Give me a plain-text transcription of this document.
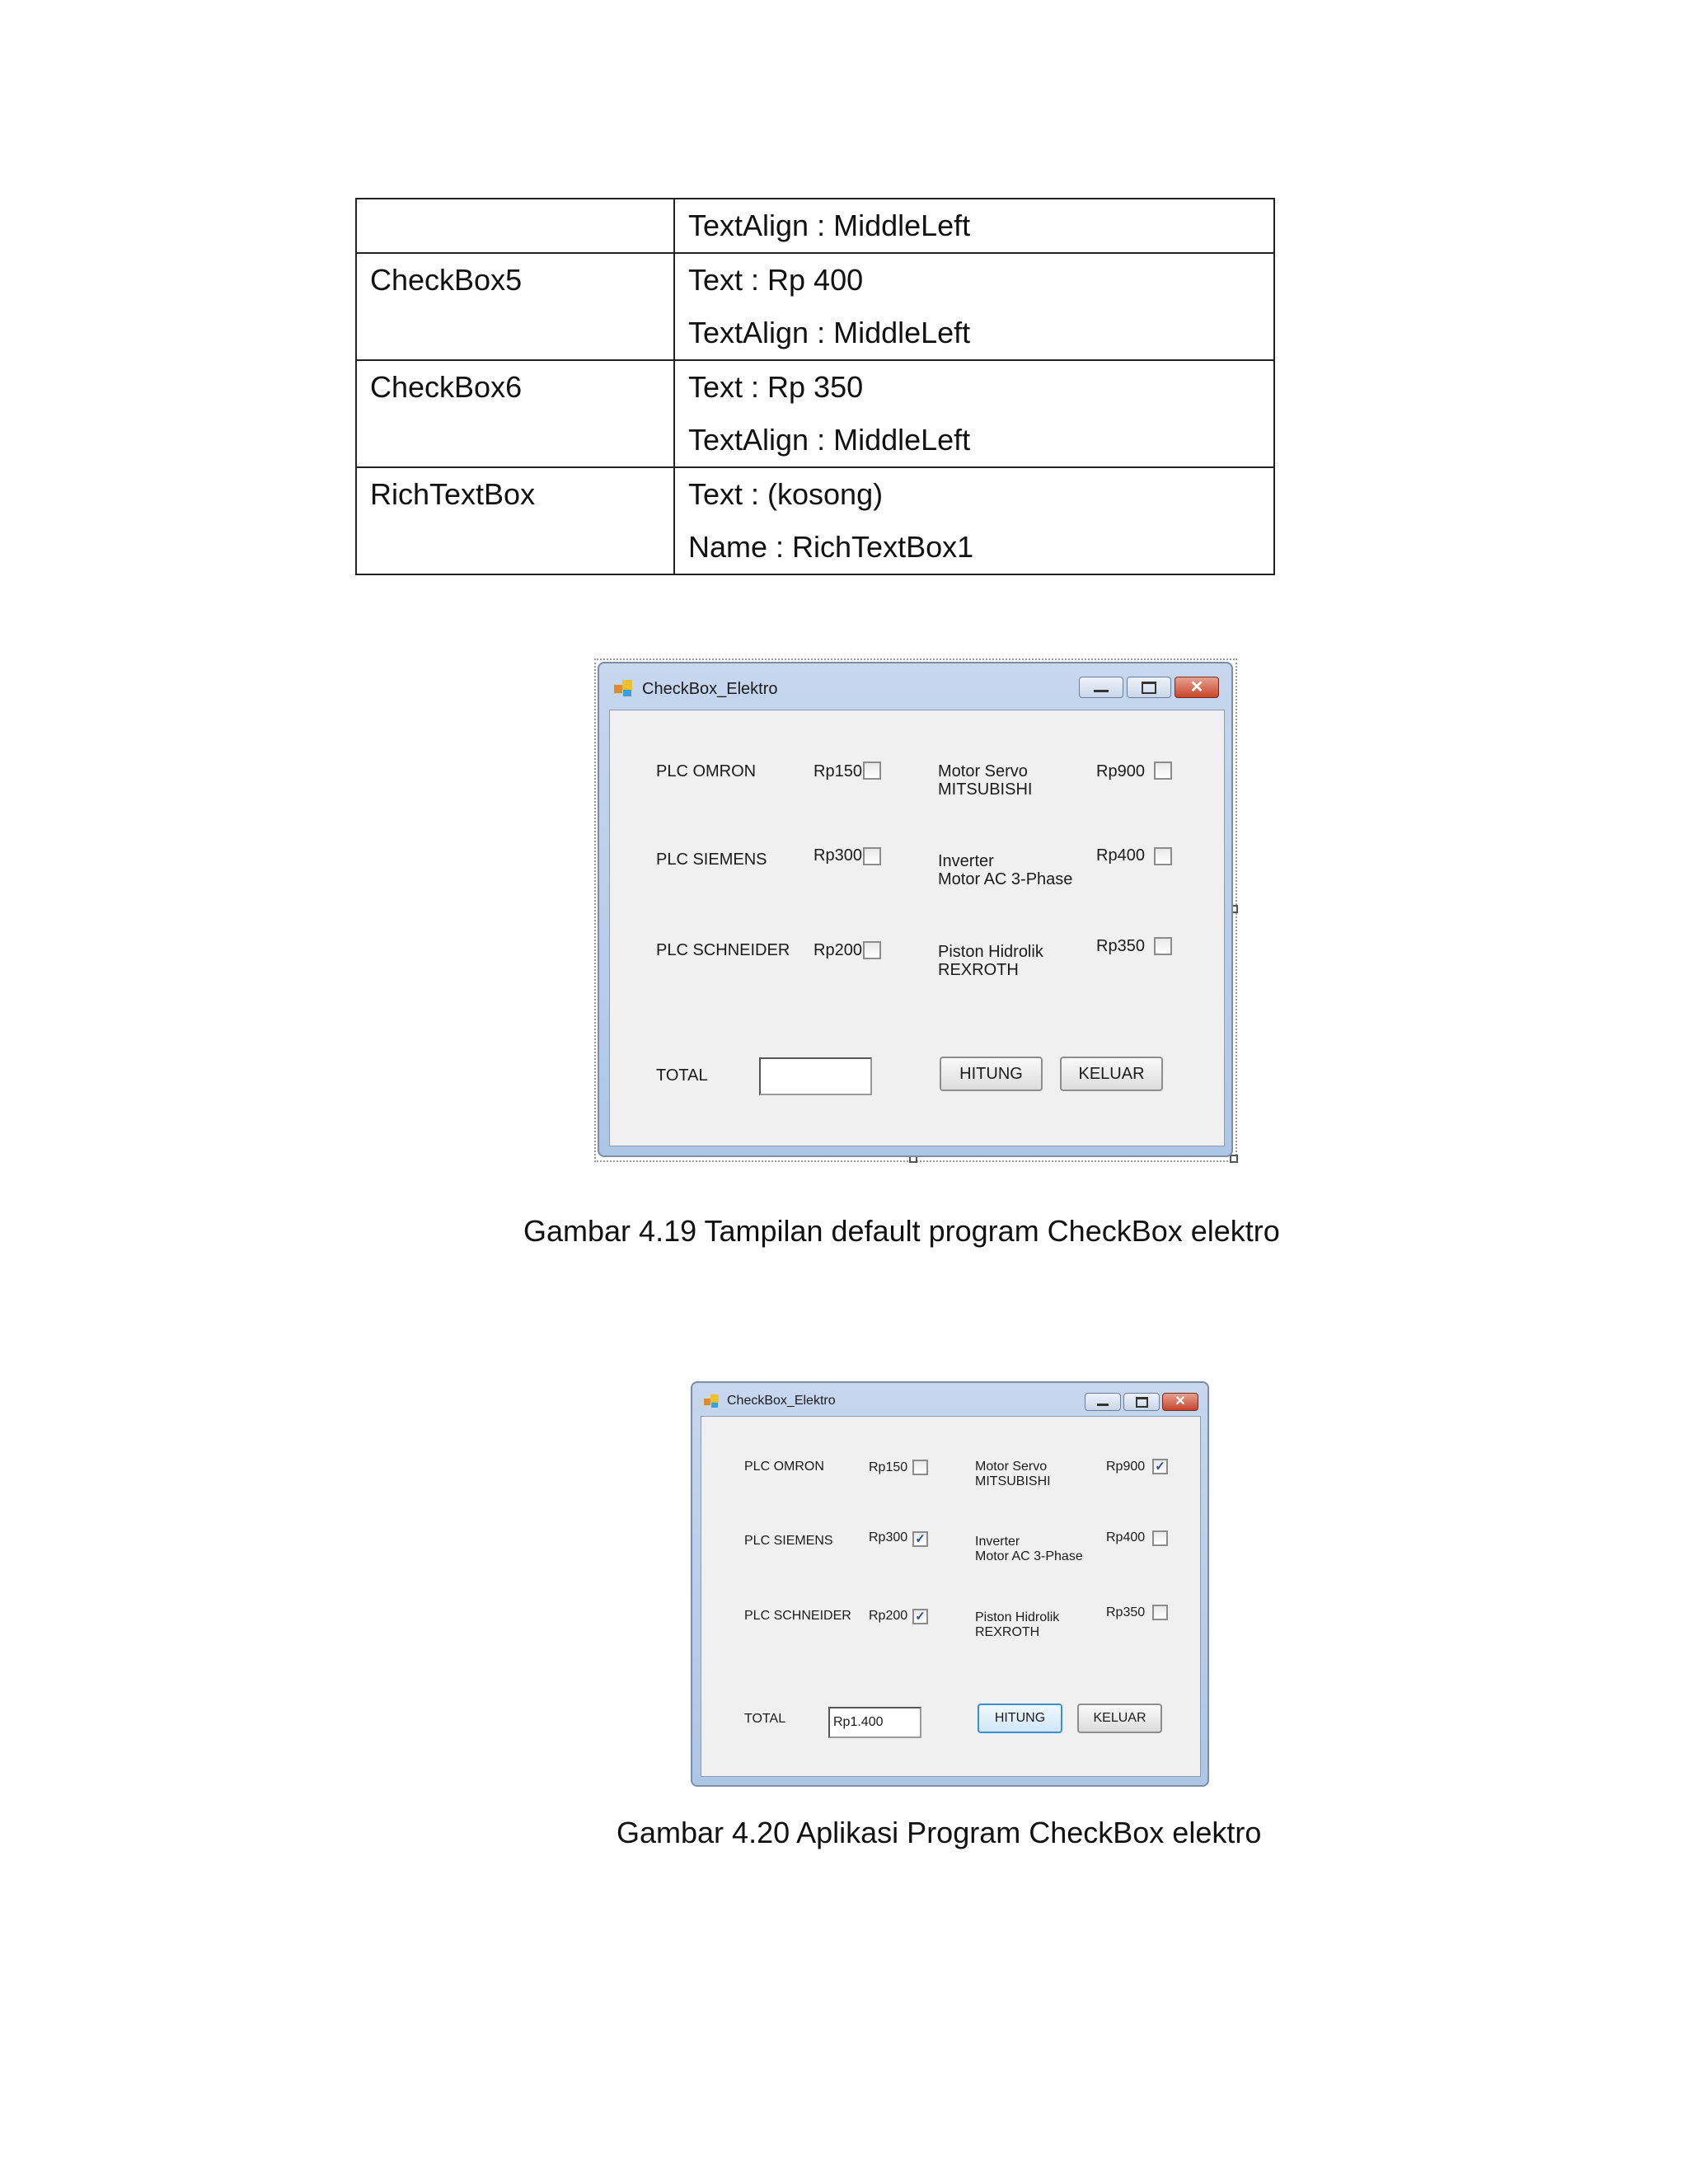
	TextAlign : MiddleLeft

CheckBox5	Text : Rp 400
TextAlign : MiddleLeft

CheckBox6	Text : Rp 350
TextAlign : MiddleLeft

RichTextBox	Text : (kosong)
Name : RichTextBox1
CheckBox_Elektro	✕
PLC OMRON	Rp150
PLC SIEMENS	Rp300
PLC SCHNEIDER Rp200
Motor Servo
MITSUBISHI
Rp900
Inverter
Motor AC 3-Phase
Rp400
Piston Hidrolik
REXROTH
Rp350
TOTAL	HITUNG	KELUAR
Gambar 4.19 Tampilan default program CheckBox elektro
CheckBox_Elektro	✕
PLC OMRON	Rp150
PLC SIEMENS	Rp300 ✓
PLC SCHNEIDER Rp200 ✓
Motor Servo
MITSUBISHI
Rp900 ✓
Inverter
Motor AC 3-Phase
Rp400
Piston Hidrolik
REXROTH
Rp350
TOTAL	Rp1.400	HITUNG	KELUAR
Gambar 4.20 Aplikasi Program CheckBox elektro
